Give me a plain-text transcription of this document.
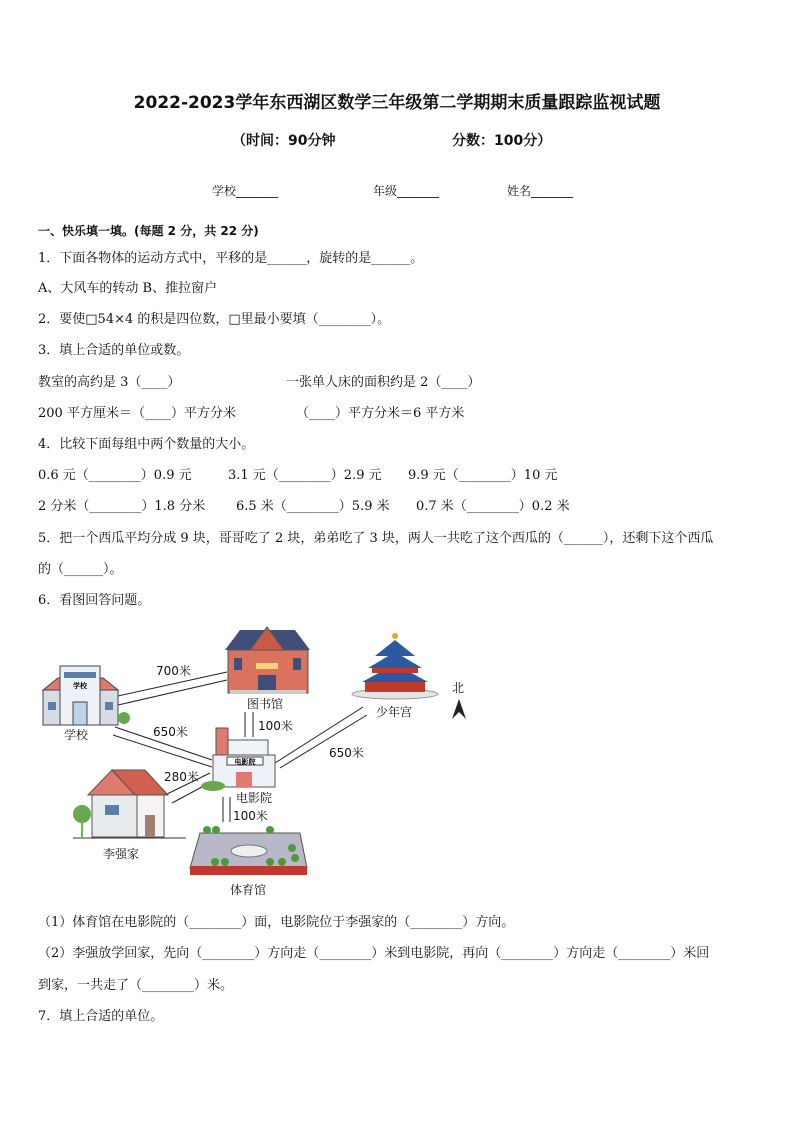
2022-2023学年东西湖区数学三年级第二学期期末质量跟踪监视试题
（时间：90分钟	分数：100分）
学校_______	年级_______	姓名_______
一、快乐填一填。(每题 2 分，共 22 分)
1．下面各物体的运动方式中，平移的是______，旋转的是______。
A、大风车的转动 B、推拉窗户
2．要使□54×4 的积是四位数，□里最小要填（________）。
3．填上合适的单位或数。
教室的高约是 3（____）	一张单人床的面积约是 2（____）
200 平方厘米＝（____）平方分米	（____）平方分米＝6 平方米
4．比较下面每组中两个数量的大小。
0.6 元（________）0.9 元	3.1 元（________）2.9 元 9.9 元（________）10 元
2 分米（________）1.8 分米 6.5 米（________）5.9 米 0.7 米（________）0.2 米
5．把一个西瓜平均分成 9 块，哥哥吃了 2 块，弟弟吃了 3 块，两人一共吃了这个西瓜的（______），还剩下这个西瓜
的（______）。
6．看图回答问题。
学校
电影院
学校
图书馆
少年宫
北
电影院
李强家
体育馆
700米
650米	100米
650米
280米
100米
（1）体育馆在电影院的（________）面，电影院位于李强家的（________）方向。
（2）李强放学回家，先向（________）方向走（________）米到电影院，再向（________）方向走（________）米回
到家，一共走了（________）米。
7．填上合适的单位。
